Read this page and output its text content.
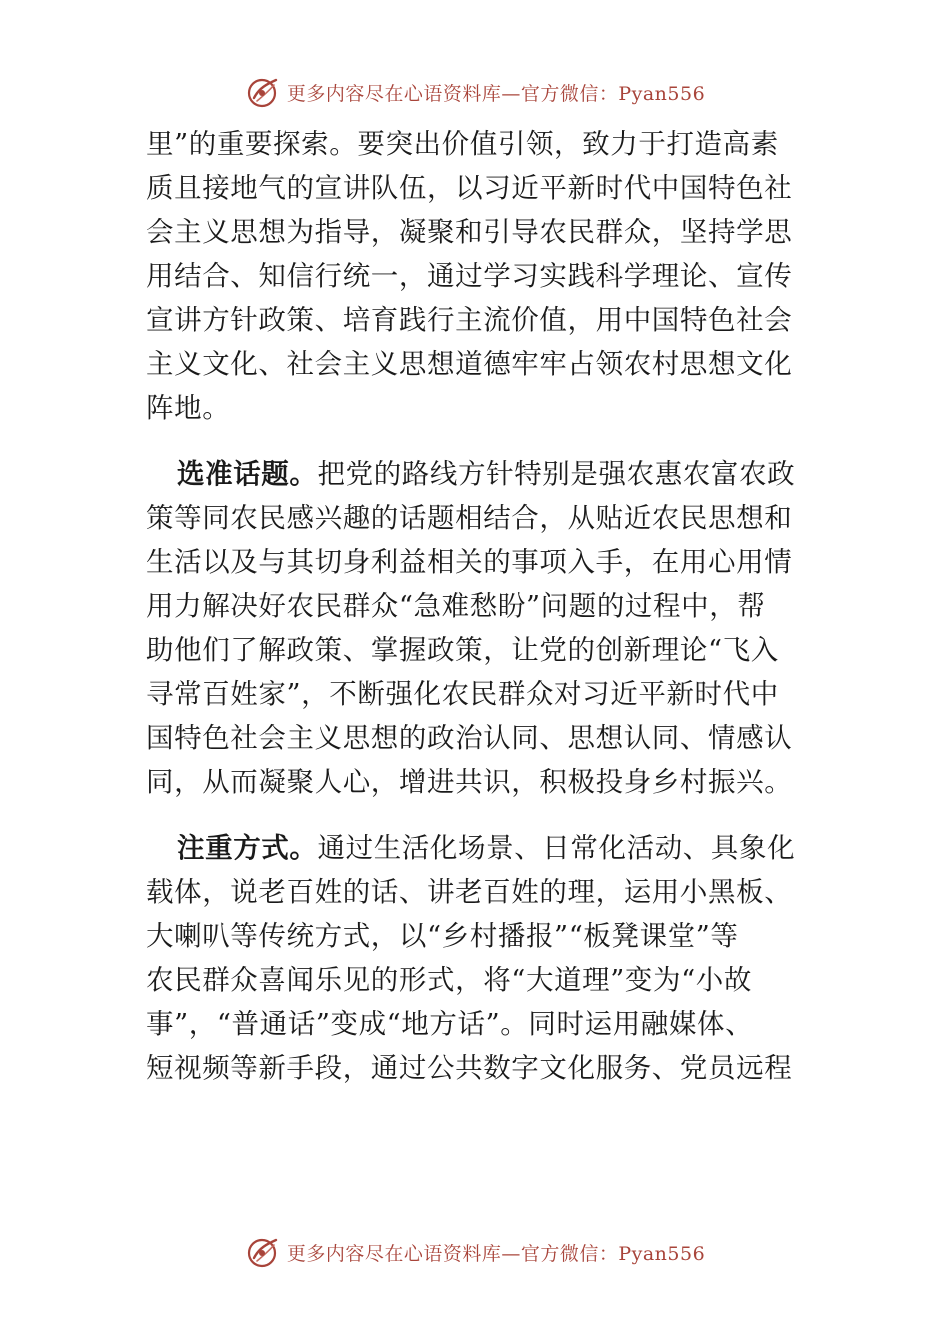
更多内容尽在心语资料库—官方微信：Pyan556

里”的重要探索。要突出价值引领，致力于打造高素
质且接地气的宣讲队伍，以习近平新时代中国特色社
会主义思想为指导，凝聚和引导农民群众，坚持学思
用结合、知信行统一，通过学习实践科学理论、宣传
宣讲方针政策、培育践行主流价值，用中国特色社会
主义文化、社会主义思想道德牢牢占领农村思想文化
阵地。

选准话题。把党的路线方针特别是强农惠农富农政
策等同农民感兴趣的话题相结合，从贴近农民思想和
生活以及与其切身利益相关的事项入手，在用心用情
用力解决好农民群众“急难愁盼”问题的过程中，帮
助他们了解政策、掌握政策，让党的创新理论“飞入
寻常百姓家”，不断强化农民群众对习近平新时代中
国特色社会主义思想的政治认同、思想认同、情感认
同，从而凝聚人心，增进共识，积极投身乡村振兴。

注重方式。通过生活化场景、日常化活动、具象化
载体，说老百姓的话、讲老百姓的理，运用小黑板、
大喇叭等传统方式，以“乡村播报”“板凳课堂”等
农民群众喜闻乐见的形式，将“大道理”变为“小故
事”，“普通话”变成“地方话”。同时运用融媒体、
短视频等新手段，通过公共数字文化服务、党员远程

更多内容尽在心语资料库—官方微信：Pyan556
